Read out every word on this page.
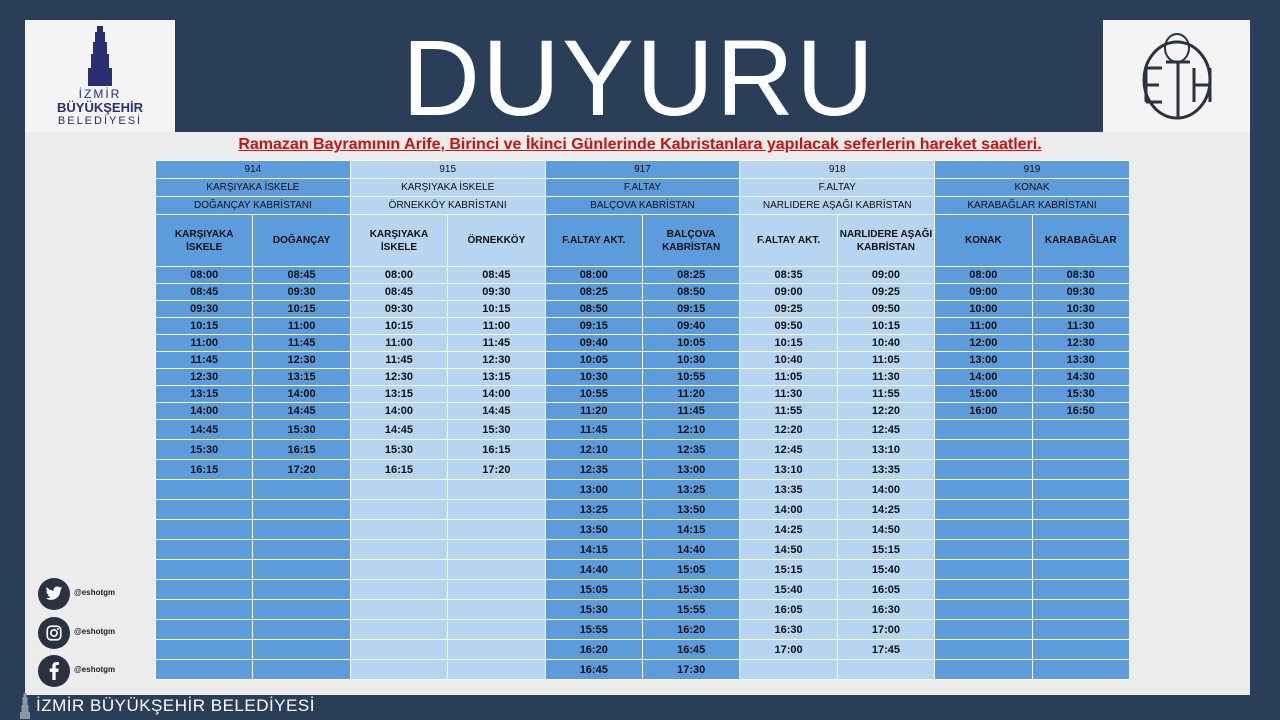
İZMİR
BÜYÜKŞEHİR
BELEDİYESİ	DUYURU
Ramazan Bayramının Arife, Birinci ve İkinci Günlerinde Kabristanlara yapılacak seferlerin hareket saatleri.
914		915		917		918		919	
KARŞIYAKA İSKELE		KARŞIYAKA İSKELE		F.ALTAY		F.ALTAY		KONAK	
DOĞANÇAY KABRİSTANI		ÖRNEKKÖY KABRİSTANI		BALÇOVA KABRİSTAN		NARLIDERE AŞAĞI KABRİSTAN		KARABAĞLAR KABRİSTANI	
KARŞIYAKA İSKELE	DOĞANÇAY	KARŞIYAKA İSKELE	ÖRNEKKÖY	F.ALTAY AKT.	BALÇOVA KABRİSTAN	F.ALTAY AKT.	NARLIDERE AŞAĞI KABRİSTAN	KONAK	KARABAĞLAR
08:00	08:45	08:00	08:45	08:00	08:25	08:35	09:00	08:00	08:30
08:45	09:30	08:45	09:30	08:25	08:50	09:00	09:25	09:00	09:30
09:30	10:15	09:30	10:15	08:50	09:15	09:25	09:50	10:00	10:30
10:15	11:00	10:15	11:00	09:15	09:40	09:50	10:15	11:00	11:30
11:00	11:45	11:00	11:45	09:40	10:05	10:15	10:40	12:00	12:30
11:45	12:30	11:45	12:30	10:05	10:30	10:40	11:05	13:00	13:30
12:30	13:15	12:30	13:15	10:30	10:55	11:05	11:30	14:00	14:30
13:15	14:00	13:15	14:00	10:55	11:20	11:30	11:55	15:00	15:30
14:00	14:45	14:00	14:45	11:20	11:45	11:55	12:20	16:00	16:50
14:45	15:30	14:45	15:30	11:45	12:10	12:20	12:45		
15:30	16:15	15:30	16:15	12:10	12:35	12:45	13:10		
16:15	17:20	16:15	17:20	12:35	13:00	13:10	13:35		
				13:00	13:25	13:35	14:00		
				13:25	13:50	14:00	14:25		
				13:50	14:15	14:25	14:50		
				14:15	14:40	14:50	15:15		
				14:40	15:05	15:15	15:40		
				15:05	15:30	15:40	16:05		
				15:30	15:55	16:05	16:30		
				15:55	16:20	16:30	17:00		
				16:20	16:45	17:00	17:45		
				16:45	17:30				
@eshotgm
@eshotgm
@eshotgm
İZMİR BÜYÜKŞEHİR BELEDİYESİ
